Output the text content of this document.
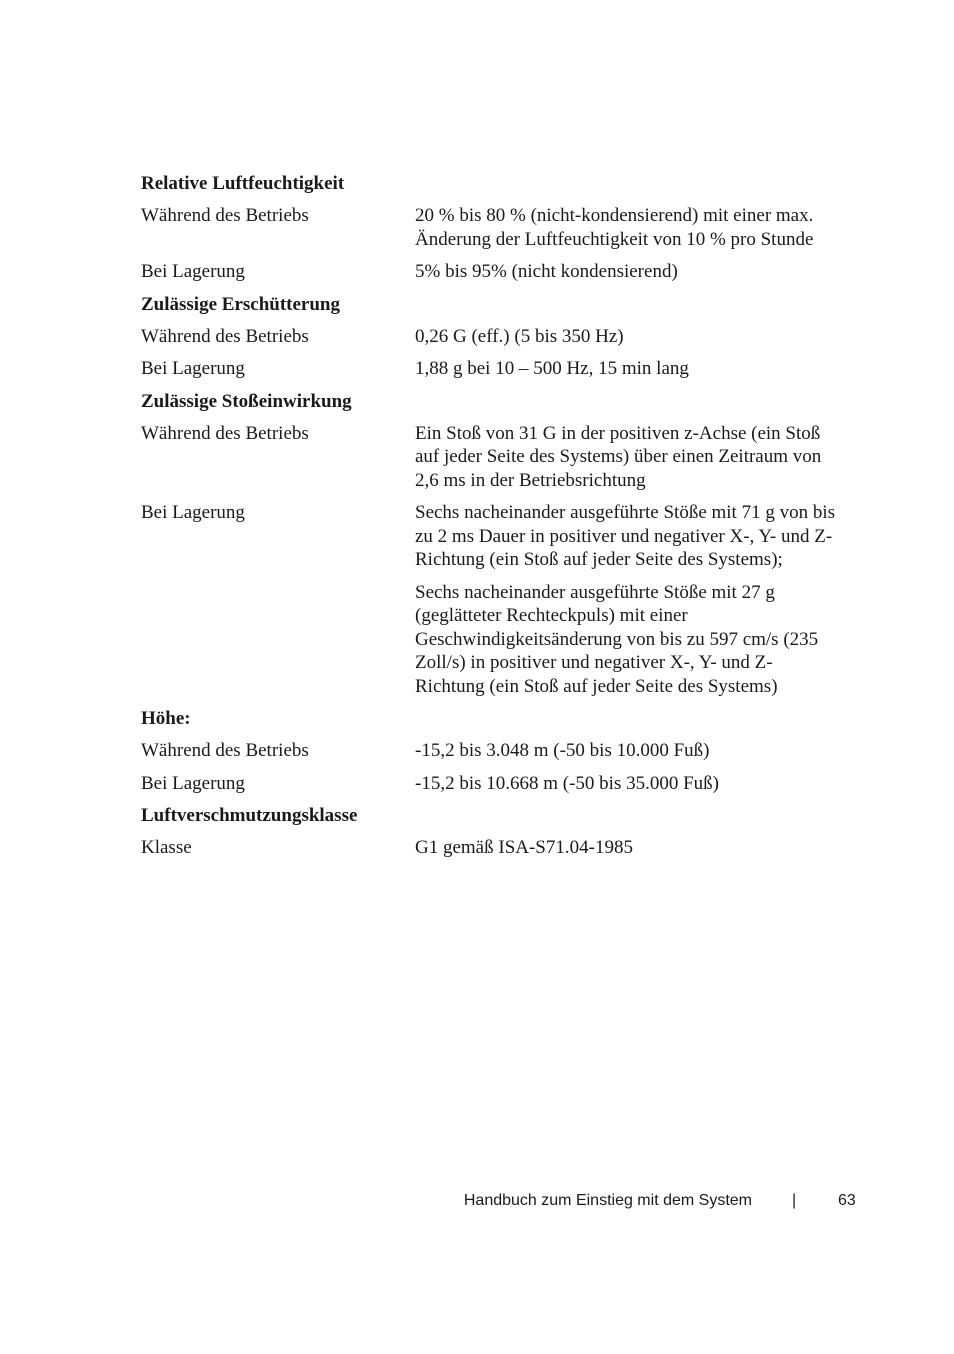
Relative Luftfeuchtigkeit
Während des Betriebs	20 % bis 80 % (nicht-kondensierend) mit einer max. Änderung der Luftfeuchtigkeit von 10 % pro Stunde

Bei Lagerung	5% bis 95% (nicht kondensierend)

Zulässige Erschütterung
Während des Betriebs	0,26 G (eff.) (5 bis 350 Hz)

Bei Lagerung	1,88 g bei 10 – 500 Hz, 15 min lang

Zulässige Stoßeinwirkung
Während des Betriebs	Ein Stoß von 31 G in der positiven z-Achse (ein Stoß auf jeder Seite des Systems) über einen Zeitraum von 2,6 ms in der Betriebsrichtung

Bei Lagerung	Sechs nacheinander ausgeführte Stöße mit 71 g von bis zu 2 ms Dauer in positiver und negativer X-, Y- und Z-Richtung (ein Stoß auf jeder Seite des Systems);

Sechs nacheinander ausgeführte Stöße mit 27 g (geglätteter Rechteckpuls) mit einer Geschwindigkeitsänderung von bis zu 597 cm/s (235 Zoll/s) in positiver und negativer X-, Y- und Z-Richtung (ein Stoß auf jeder Seite des Systems)

Höhe:
Während des Betriebs	-15,2 bis 3.048 m (-50 bis 10.000 Fuß)

Bei Lagerung	-15,2 bis 10.668 m (-50 bis 35.000 Fuß)

Luftverschmutzungsklasse
Klasse	G1 gemäß ISA-S71.04-1985

Handbuch zum Einstieg mit dem System	|	63
